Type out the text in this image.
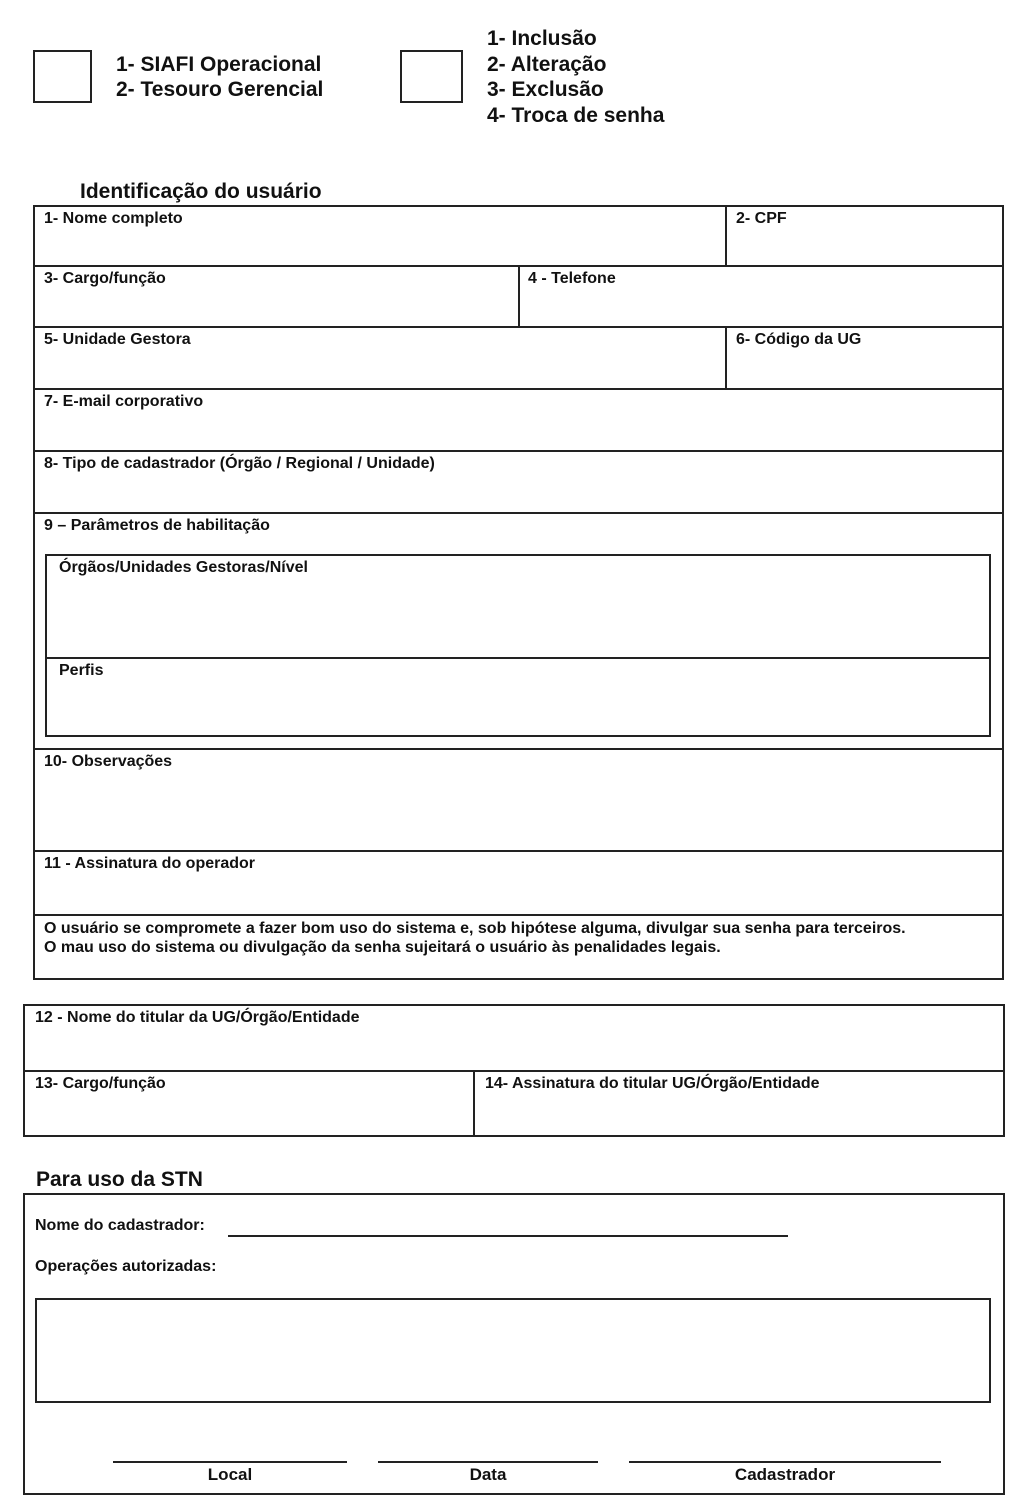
1- SIAFI Operacional
2- Tesouro Gerencial
1- Inclusão
2- Alteração
3- Exclusão
4- Troca de senha
Identificação do usuário
1- Nome completo	2- CPF
3- Cargo/função	4 - Telefone
5- Unidade Gestora	6- Código da UG
7- E-mail corporativo
8- Tipo de cadastrador (Órgão / Regional / Unidade)
9 – Parâmetros de habilitação
Órgãos/Unidades Gestoras/Nível
Perfis
10- Observações
11 - Assinatura do operador
O usuário se compromete a fazer bom uso do sistema e, sob hipótese alguma, divulgar sua senha para terceiros.
O mau uso do sistema ou divulgação da senha sujeitará o usuário às penalidades legais.
12 - Nome do titular da UG/Órgão/Entidade
13- Cargo/função	14- Assinatura do titular UG/Órgão/Entidade
Para uso da STN
Nome do cadastrador:
Operações autorizadas:
Local	Data	Cadastrador
